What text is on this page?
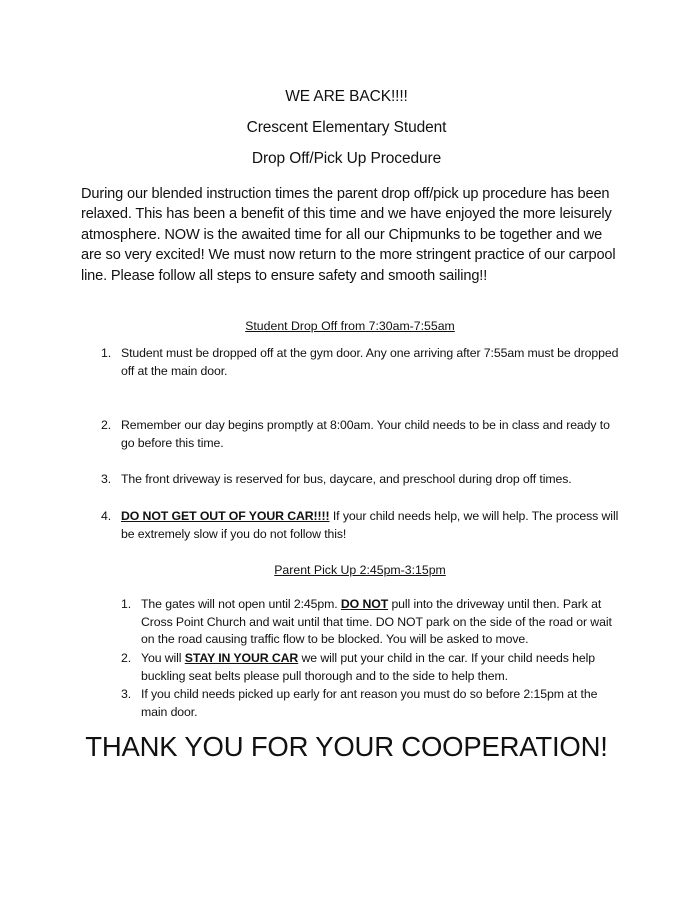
WE ARE BACK!!!!
Crescent Elementary Student
Drop Off/Pick Up Procedure
During our blended instruction times the parent drop off/pick up procedure has been relaxed. This has been a benefit of this time and we have enjoyed the more leisurely atmosphere. NOW is the awaited time for all our Chipmunks to be together and we are so very excited! We must now return to the more stringent practice of our carpool line. Please follow all steps to ensure safety and smooth sailing!!
Student Drop Off from 7:30am-7:55am
1. Student must be dropped off at the gym door. Any one arriving after 7:55am must be dropped off at the main door.
2. Remember our day begins promptly at 8:00am. Your child needs to be in class and ready to go before this time.
3. The front driveway is reserved for bus, daycare, and preschool during drop off times.
4. DO NOT GET OUT OF YOUR CAR!!!! If your child needs help, we will help. The process will be extremely slow if you do not follow this!
Parent Pick Up 2:45pm-3:15pm
1. The gates will not open until 2:45pm. DO NOT pull into the driveway until then. Park at Cross Point Church and wait until that time. DO NOT park on the side of the road or wait on the road causing traffic flow to be blocked. You will be asked to move.
2. You will STAY IN YOUR CAR we will put your child in the car. If your child needs help buckling seat belts please pull thorough and to the side to help them.
3. If you child needs picked up early for ant reason you must do so before 2:15pm at the main door.
THANK YOU FOR YOUR COOPERATION!
